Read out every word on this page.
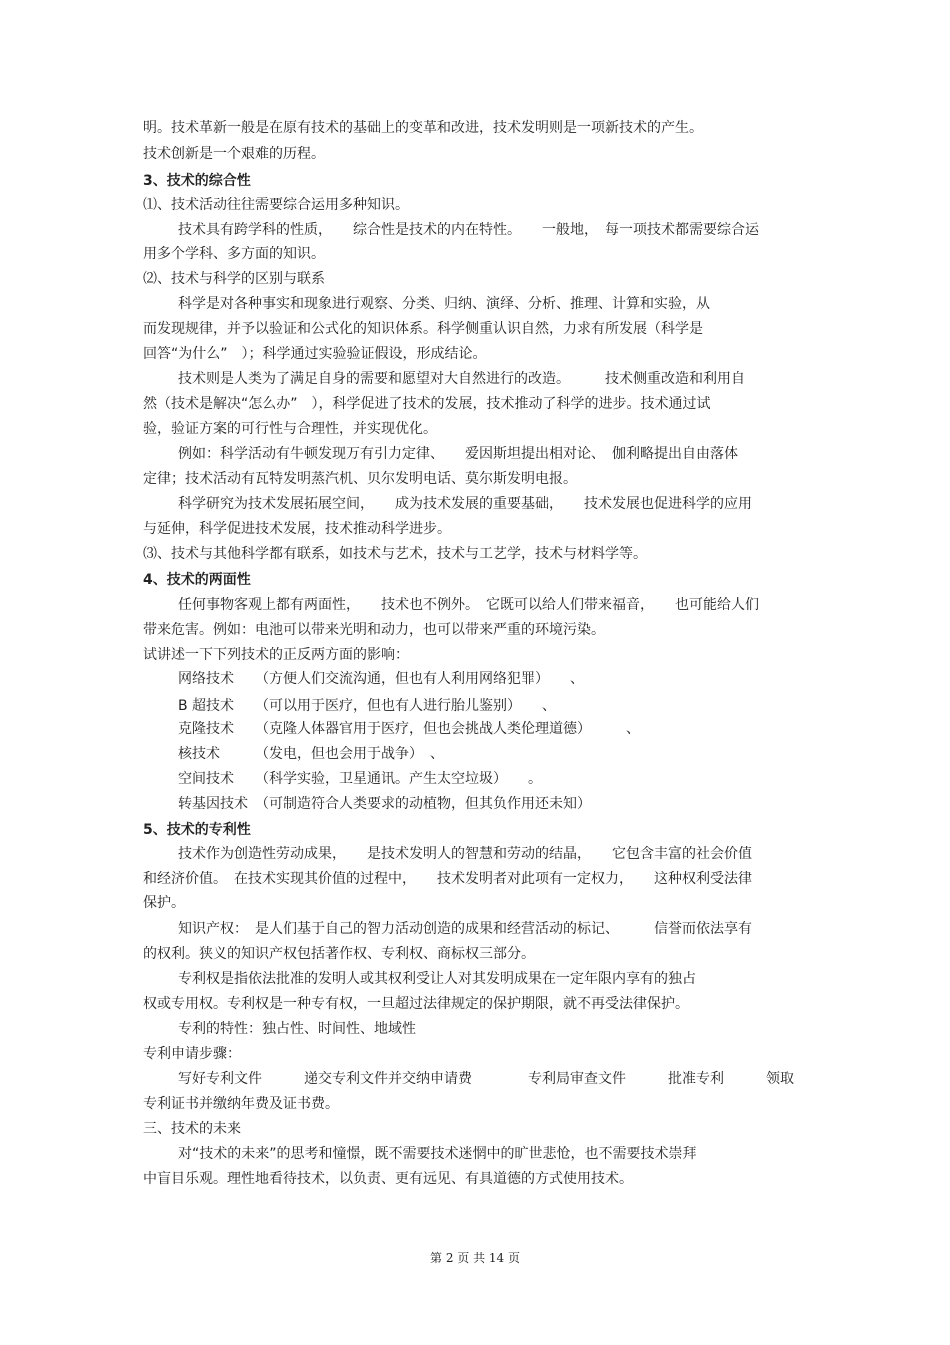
明。技术革新一般是在原有技术的基础上的变革和改进，技术发明则是一项新技术的产生。
技术创新是一个艰难的历程。
3、技术的综合性
⑴、技术活动往往需要综合运用多种知识。
技术具有跨学科的性质，　　综合性是技术的内在特性。　　一般地，　每一项技术都需要综合运
用多个学科、多方面的知识。
⑵、技术与科学的区别与联系
科学是对各种事实和现象进行观察、分类、归纳、演绎、分析、推理、计算和实验，从
而发现规律，并予以验证和公式化的知识体系。科学侧重认识自然，力求有所发展（科学是
回答“为什么”　）；科学通过实验验证假设，形成结论。
技术则是人类为了满足自身的需要和愿望对大自然进行的改造。　　　技术侧重改造和利用自
然（技术是解决“怎么办”　），科学促进了技术的发展，技术推动了科学的进步。技术通过试
验，验证方案的可行性与合理性，并实现优化。
例如：科学活动有牛顿发现万有引力定律、　　爱因斯坦提出相对论、　伽利略提出自由落体
定律；技术活动有瓦特发明蒸汽机、贝尔发明电话、莫尔斯发明电报。
科学研究为技术发展拓展空间，　　成为技术发展的重要基础，　　技术发展也促进科学的应用
与延伸，科学促进技术发展，技术推动科学进步。
⑶、技术与其他科学都有联系，如技术与艺术，技术与工艺学，技术与材料学等。
4、技术的两面性
任何事物客观上都有两面性，　　技术也不例外。　它既可以给人们带来福音，　　也可能给人们
带来危害。例如：电池可以带来光明和动力，也可以带来严重的环境污染。
试讲述一下下列技术的正反两方面的影响：
网络技术　　（方便人们交流沟通，但也有人利用网络犯罪）　　、
B 超技术　　（可以用于医疗，但也有人进行胎儿鉴别）　　、
克隆技术　　（克隆人体器官用于医疗，但也会挑战人类伦理道德）　　　、
核技术　　　（发电，但也会用于战争）　、
空间技术　　（科学实验，卫星通讯。产生太空垃圾）　　。
转基因技术　（可制造符合人类要求的动植物，但其负作用还未知）
5、技术的专利性
技术作为创造性劳动成果，　　是技术发明人的智慧和劳动的结晶，　　它包含丰富的社会价值
和经济价值。　在技术实现其价值的过程中，　　技术发明者对此项有一定权力，　　这种权利受法律
保护。
知识产权：　是人们基于自己的智力活动创造的成果和经营活动的标记、　　　信誉而依法享有
的权利。狭义的知识产权包括著作权、专利权、商标权三部分。
专利权是指依法批准的发明人或其权利受让人对其发明成果在一定年限内享有的独占
权或专用权。专利权是一种专有权，一旦超过法律规定的保护期限，就不再受法律保护。
专利的特性：独占性、时间性、地域性
专利申请步骤：
写好专利文件　　　递交专利文件并交纳申请费　　　　专利局审查文件　　　批准专利　　　领取
专利证书并缴纳年费及证书费。
三、技术的未来
对“技术的未来”的思考和憧憬，既不需要技术迷惘中的旷世悲怆，也不需要技术崇拜
中盲目乐观。理性地看待技术，以负责、更有远见、有具道德的方式使用技术。
第 2 页 共 14 页
